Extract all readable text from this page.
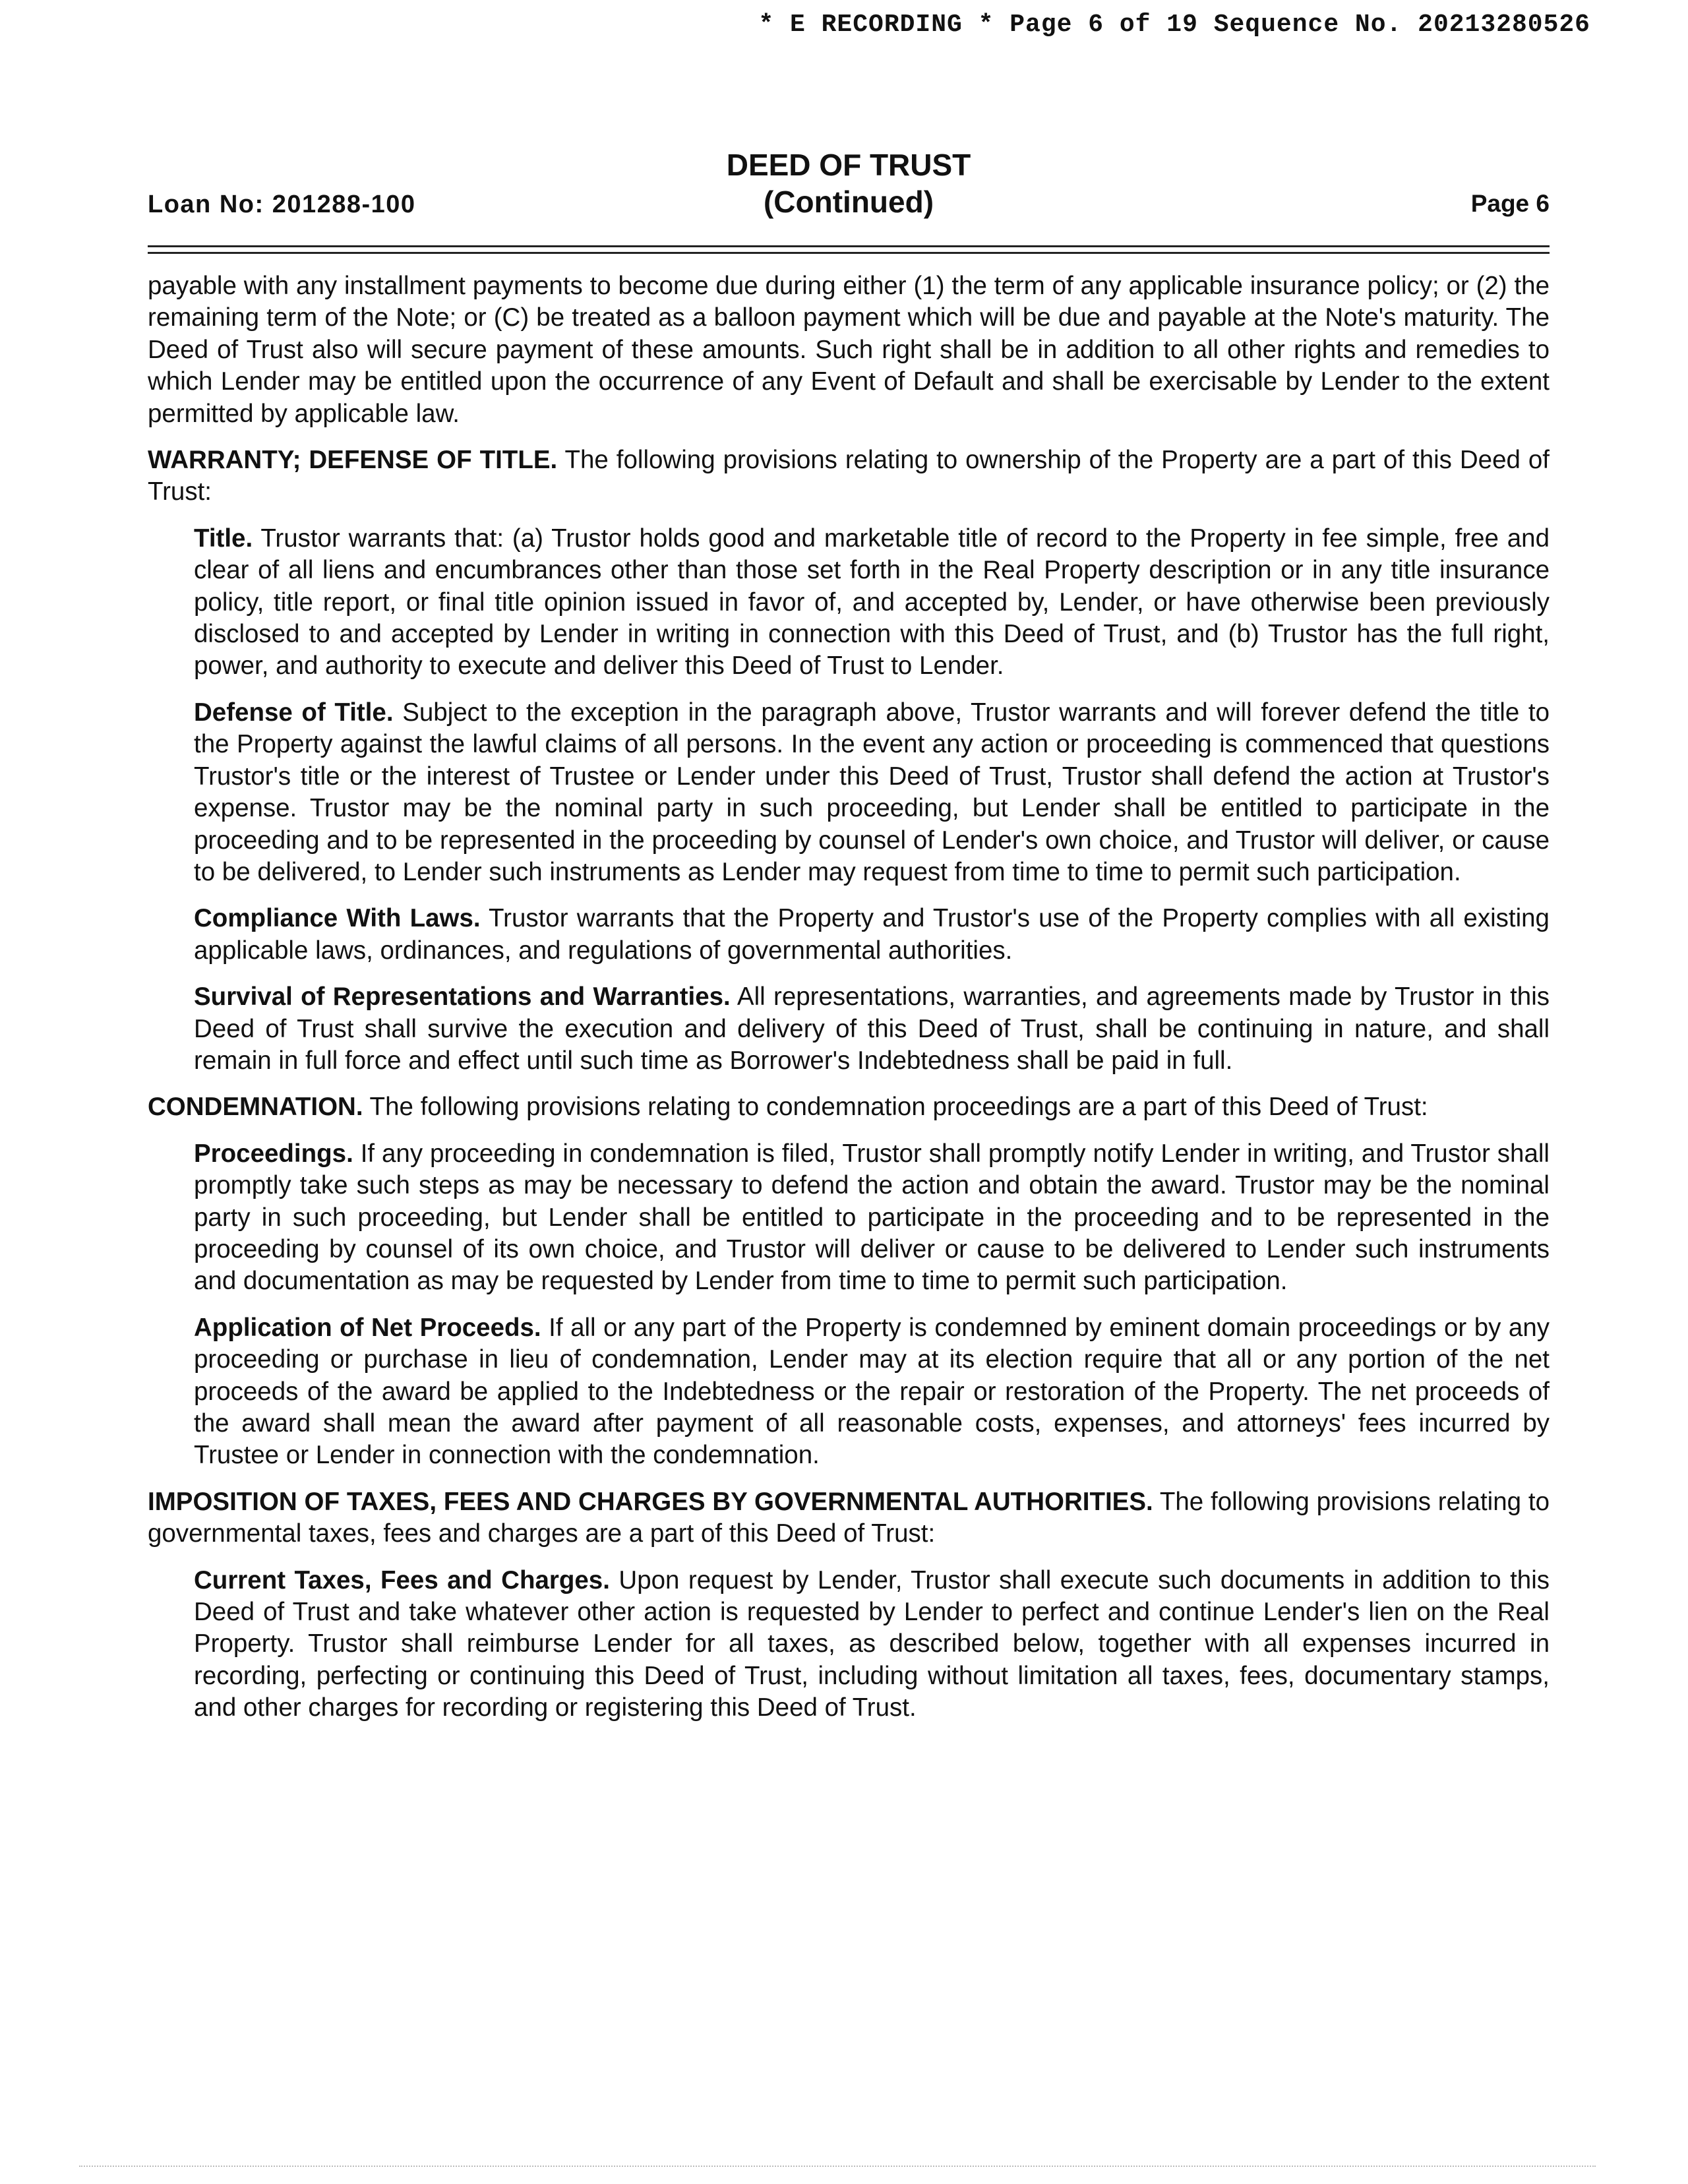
* E RECORDING * Page 6 of 19 Sequence No. 20213280526
Loan No: 201288-100
DEED OF TRUST
(Continued)	Page 6

payable with any installment payments to become due during either (1) the term of any applicable insurance policy; or (2) the remaining term of the Note; or (C) be treated as a balloon payment which will be due and payable at the Note's maturity. The Deed of Trust also will secure payment of these amounts. Such right shall be in addition to all other rights and remedies to which Lender may be entitled upon the occurrence of any Event of Default and shall be exercisable by Lender to the extent permitted by applicable law.

WARRANTY; DEFENSE OF TITLE. The following provisions relating to ownership of the Property are a part of this Deed of Trust:

Title. Trustor warrants that: (a) Trustor holds good and marketable title of record to the Property in fee simple, free and clear of all liens and encumbrances other than those set forth in the Real Property description or in any title insurance policy, title report, or final title opinion issued in favor of, and accepted by, Lender, or have otherwise been previously disclosed to and accepted by Lender in writing in connection with this Deed of Trust, and (b) Trustor has the full right, power, and authority to execute and deliver this Deed of Trust to Lender.

Defense of Title. Subject to the exception in the paragraph above, Trustor warrants and will forever defend the title to the Property against the lawful claims of all persons. In the event any action or proceeding is commenced that questions Trustor's title or the interest of Trustee or Lender under this Deed of Trust, Trustor shall defend the action at Trustor's expense. Trustor may be the nominal party in such proceeding, but Lender shall be entitled to participate in the proceeding and to be represented in the proceeding by counsel of Lender's own choice, and Trustor will deliver, or cause to be delivered, to Lender such instruments as Lender may request from time to time to permit such participation.

Compliance With Laws. Trustor warrants that the Property and Trustor's use of the Property complies with all existing applicable laws, ordinances, and regulations of governmental authorities.

Survival of Representations and Warranties. All representations, warranties, and agreements made by Trustor in this Deed of Trust shall survive the execution and delivery of this Deed of Trust, shall be continuing in nature, and shall remain in full force and effect until such time as Borrower's Indebtedness shall be paid in full.

CONDEMNATION. The following provisions relating to condemnation proceedings are a part of this Deed of Trust:

Proceedings. If any proceeding in condemnation is filed, Trustor shall promptly notify Lender in writing, and Trustor shall promptly take such steps as may be necessary to defend the action and obtain the award. Trustor may be the nominal party in such proceeding, but Lender shall be entitled to participate in the proceeding and to be represented in the proceeding by counsel of its own choice, and Trustor will deliver or cause to be delivered to Lender such instruments and documentation as may be requested by Lender from time to time to permit such participation.

Application of Net Proceeds. If all or any part of the Property is condemned by eminent domain proceedings or by any proceeding or purchase in lieu of condemnation, Lender may at its election require that all or any portion of the net proceeds of the award be applied to the Indebtedness or the repair or restoration of the Property. The net proceeds of the award shall mean the award after payment of all reasonable costs, expenses, and attorneys' fees incurred by Trustee or Lender in connection with the condemnation.

IMPOSITION OF TAXES, FEES AND CHARGES BY GOVERNMENTAL AUTHORITIES. The following provisions relating to governmental taxes, fees and charges are a part of this Deed of Trust:

Current Taxes, Fees and Charges. Upon request by Lender, Trustor shall execute such documents in addition to this Deed of Trust and take whatever other action is requested by Lender to perfect and continue Lender's lien on the Real Property. Trustor shall reimburse Lender for all taxes, as described below, together with all expenses incurred in recording, perfecting or continuing this Deed of Trust, including without limitation all taxes, fees, documentary stamps, and other charges for recording or registering this Deed of Trust.
